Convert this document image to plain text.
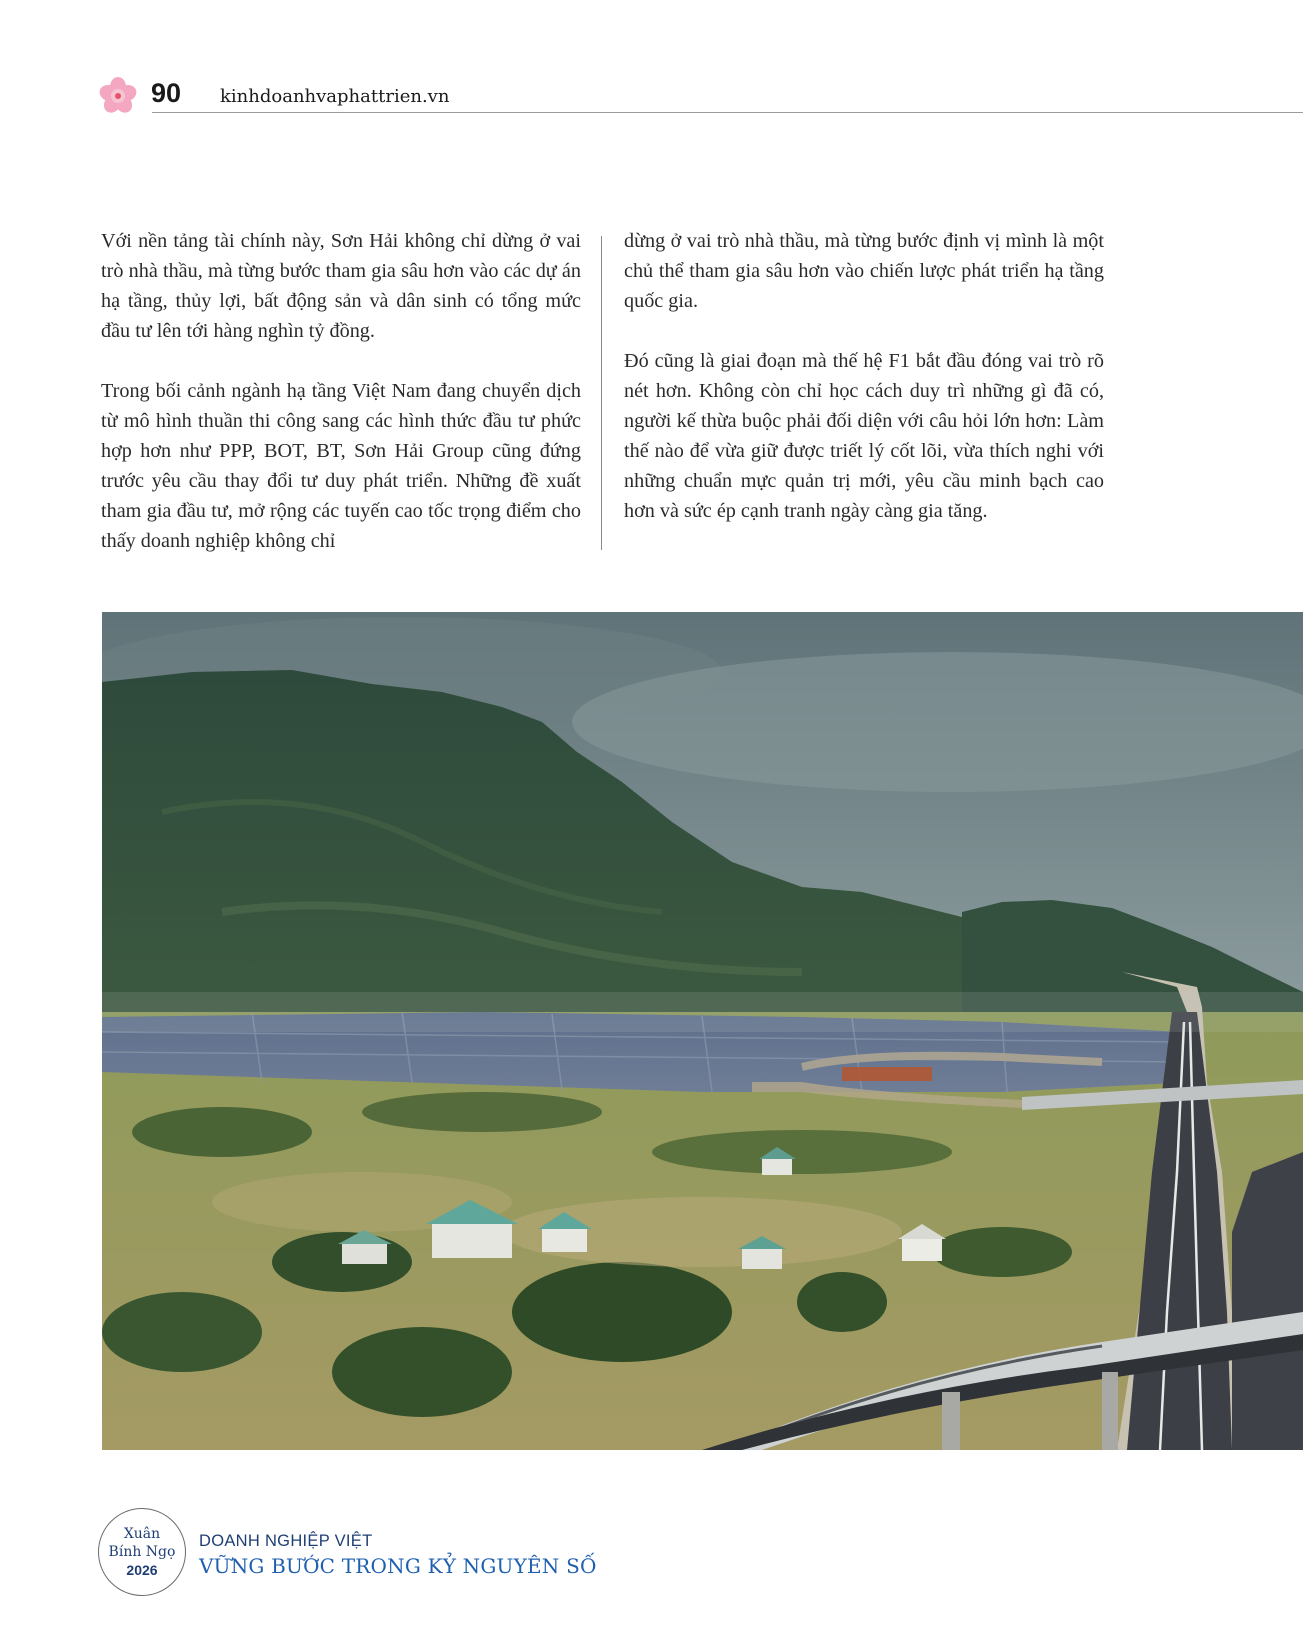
90 kinhdoanhvaphattrien.vn

Với nền tảng tài chính này, Sơn Hải không chỉ dừng ở vai trò nhà thầu, mà từng bước tham gia sâu hơn vào các dự án hạ tầng, thủy lợi, bất động sản và dân sinh có tổng mức đầu tư lên tới hàng nghìn tỷ đồng.

Trong bối cảnh ngành hạ tầng Việt Nam đang chuyển dịch từ mô hình thuần thi công sang các hình thức đầu tư phức hợp hơn như PPP, BOT, BT, Sơn Hải Group cũng đứng trước yêu cầu thay đổi tư duy phát triển. Những đề xuất tham gia đầu tư, mở rộng các tuyến cao tốc trọng điểm cho thấy doanh nghiệp không chỉ

dừng ở vai trò nhà thầu, mà từng bước định vị mình là một chủ thể tham gia sâu hơn vào chiến lược phát triển hạ tầng quốc gia.

Đó cũng là giai đoạn mà thế hệ F1 bắt đầu đóng vai trò rõ nét hơn. Không còn chỉ học cách duy trì những gì đã có, người kế thừa buộc phải đối diện với câu hỏi lớn hơn: Làm thế nào để vừa giữ được triết lý cốt lõi, vừa thích nghi với những chuẩn mực quản trị mới, yêu cầu minh bạch cao hơn và sức ép cạnh tranh ngày càng gia tăng.

Xuân
Bính Ngọ
2026
DOANH NGHIỆP VIỆT
VỮNG BƯỚC TRONG KỶ NGUYÊN SỐ
